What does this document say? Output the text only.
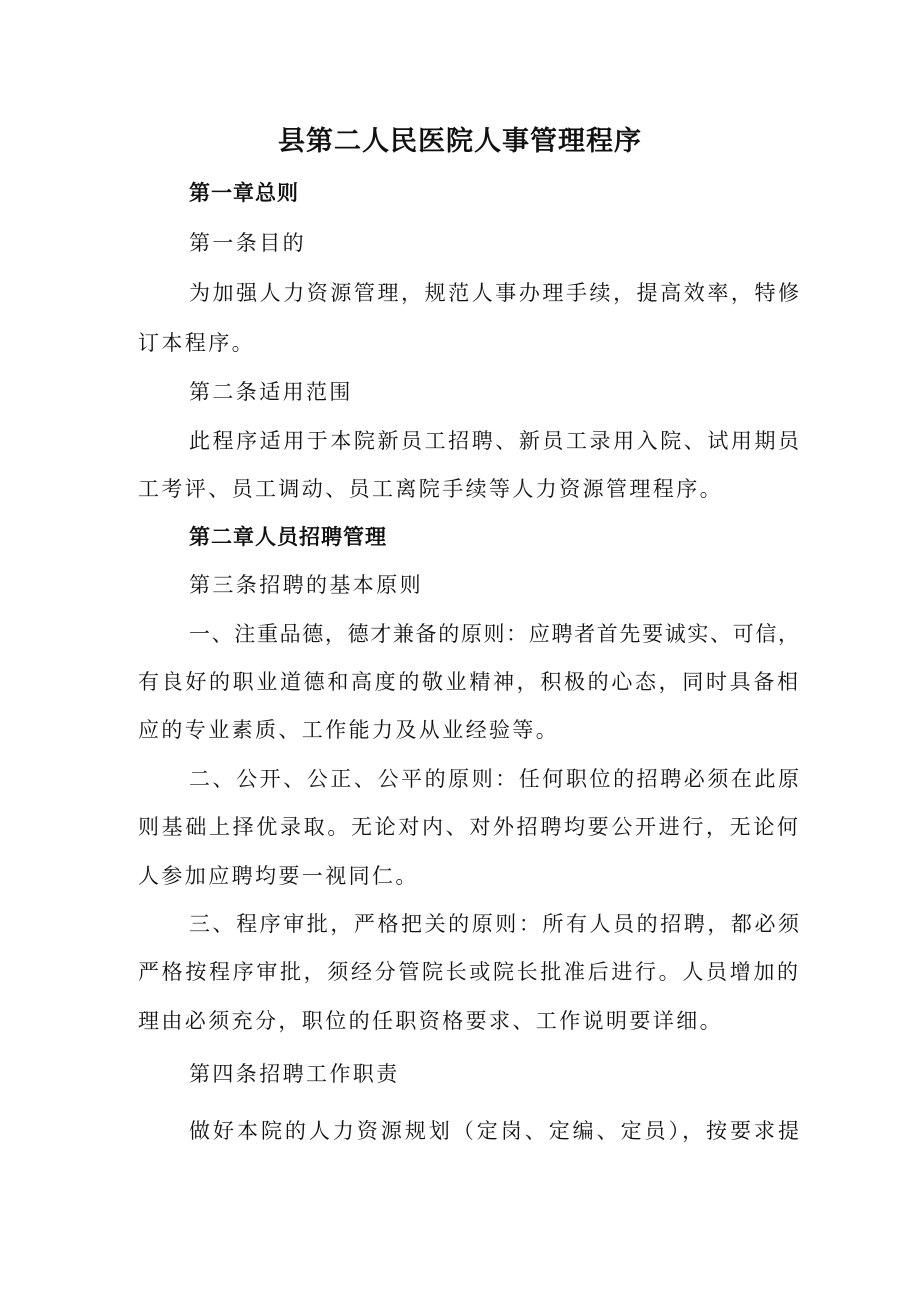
县第二人民医院人事管理程序
第一章总则
第一条目的
为加强人力资源管理，规范人事办理手续，提高效率，特修
订本程序。
第二条适用范围
此程序适用于本院新员工招聘、新员工录用入院、试用期员
工考评、员工调动、员工离院手续等人力资源管理程序。
第二章人员招聘管理
第三条招聘的基本原则
一、注重品德，德才兼备的原则：应聘者首先要诚实、可信，
有良好的职业道德和高度的敬业精神，积极的心态，同时具备相
应的专业素质、工作能力及从业经验等。
二、公开、公正、公平的原则：任何职位的招聘必须在此原
则基础上择优录取。无论对内、对外招聘均要公开进行，无论何
人参加应聘均要一视同仁。
三、程序审批，严格把关的原则：所有人员的招聘，都必须
严格按程序审批，须经分管院长或院长批准后进行。人员增加的
理由必须充分，职位的任职资格要求、工作说明要详细。
第四条招聘工作职责
做好本院的人力资源规划（定岗、定编、定员），按要求提
